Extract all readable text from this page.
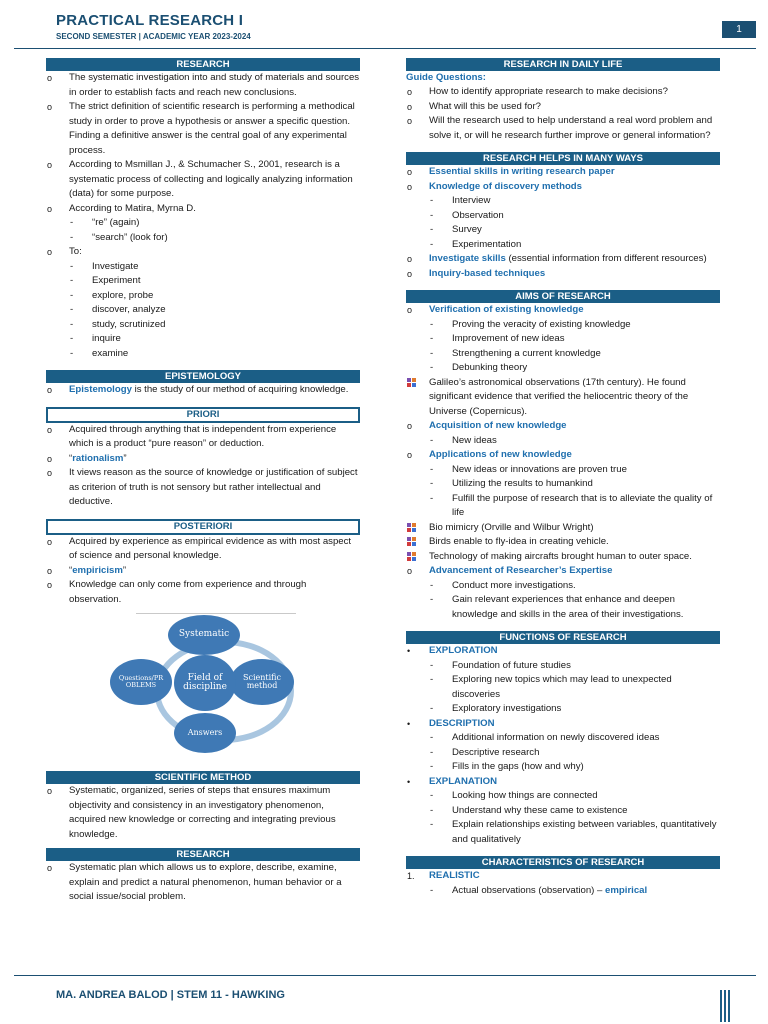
PRACTICAL RESEARCH I
SECOND SEMESTER | ACADEMIC YEAR 2023-2024
1
RESEARCH
o The systematic investigation into and study of materials and sources in order to establish facts and reach new conclusions.
o The strict definition of scientific research is performing a methodical study in order to prove a hypothesis or answer a specific question. Finding a definitive answer is the central goal of any experimental process.
o According to Msmillan J., & Schumacher S., 2001, research is a systematic process of collecting and logically analyzing information (data) for some purpose.
o According to Matira, Myrna D.
- “re” (again)
- “search” (look for)
o To:
- Investigate
- Experiment
- explore, probe
- discover, analyze
- study, scrutinized
- inquire
- examine
EPISTEMOLOGY
o Epistemology is the study of our method of acquiring knowledge.
PRIORI
o Acquired through anything that is independent from experience which is a product “pure reason” or deduction.
o “rationalism”
o It views reason as the source of knowledge or justification of subject as criterion of truth is not sensory but rather intellectual and deductive.
POSTERIORI
o Acquired by experience as empirical evidence as with most aspect of science and personal knowledge.
o “empiricism”
o Knowledge can only come from experience and through observation.
Systematic
Scientific method
Answers
Questions/PR OBLEMS
Field of discipline
SCIENTIFIC METHOD
o Systematic, organized, series of steps that ensures maximum objectivity and consistency in an investigatory phenomenon, acquired new knowledge or correcting and integrating previous knowledge.
RESEARCH
o Systematic plan which allows us to explore, describe, examine, explain and predict a natural phenomenon, human behavior or a social issue/social problem.
RESEARCH IN DAILY LIFE
Guide Questions:
o How to identify appropriate research to make decisions?
o What will this be used for?
o Will the research used to help understand a real word problem and solve it, or will he research further improve or general information?
RESEARCH HELPS IN MANY WAYS
o Essential skills in writing research paper
o Knowledge of discovery methods
- Interview
- Observation
- Survey
- Experimentation
o Investigate skills (essential information from different resources)
o Inquiry-based techniques
AIMS OF RESEARCH
o Verification of existing knowledge
- Proving the veracity of existing knowledge
- Improvement of new ideas
- Strengthening a current knowledge
- Debunking theory
Galileo’s astronomical observations (17th century). He found significant evidence that verified the heliocentric theory of the Universe (Copernicus).
o Acquisition of new knowledge
- New ideas
o Applications of new knowledge
- New ideas or innovations are proven true
- Utilizing the results to humankind
- Fulfill the purpose of research that is to alleviate the quality of life
Bio mimicry (Orville and Wilbur Wright)
Birds enable to fly-idea in creating vehicle.
Technology of making aircrafts brought human to outer space.
o Advancement of Researcher’s Expertise
- Conduct more investigations.
- Gain relevant experiences that enhance and deepen knowledge and skills in the area of their investigations.
FUNCTIONS OF RESEARCH
• EXPLORATION
- Foundation of future studies
- Exploring new topics which may lead to unexpected discoveries
- Exploratory investigations
• DESCRIPTION
- Additional information on newly discovered ideas
- Descriptive research
- Fills in the gaps (how and why)
• EXPLANATION
- Looking how things are connected
- Understand why these came to existence
- Explain relationships existing between variables, quantitatively and qualitatively
CHARACTERISTICS OF RESEARCH
1. REALISTIC
- Actual observations (observation) – empirical
MA. ANDREA BALOD | STEM 11 - HAWKING
